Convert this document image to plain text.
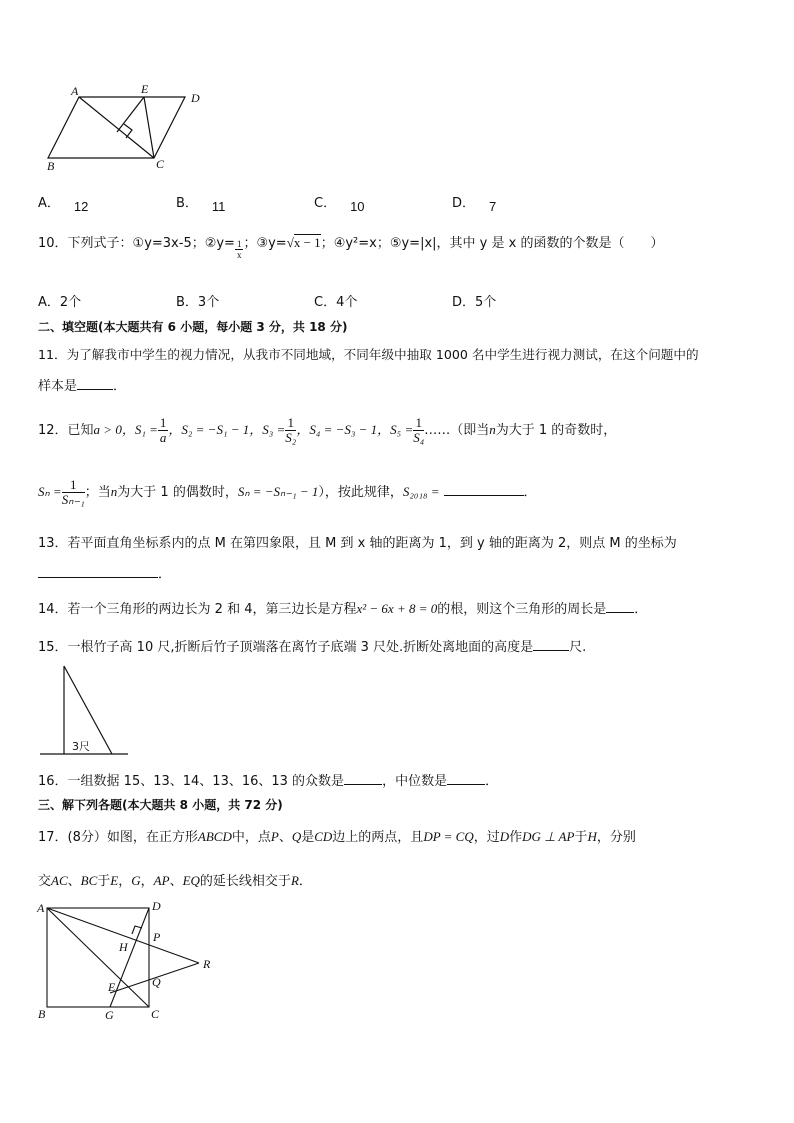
A	E
D
B	C
A． 12	B． 11	C． 10	D． 7
10．下列式子：①y=3x-5；②y= $\frac{1}{x}$ ；③y=√x − 1；④y²=x；⑤y=|x|，其中 y 是 x 的函数的个数是（　　）
A．2个	B．3个	C．4个	D．5个
二、填空题(本大题共有 6 小题，每小题 3 分，共 18 分)
11．为了解我市中学生的视力情况，从我市不同地域，不同年级中抽取 1000 名中学生进行视力测试，在这个问题中的
样本是	．
12．已知a > 0，$S_1 = \frac{1}{a}$ ，S₂ = −S₁ − 1，$S_3 = \frac{1}{\text{S₂}}$ ，S₄ = −S₃ − 1，$S_5 = \frac{1}{\text{S₄}}$ ……（即当n为大于 1 的奇数时，
$S_n = \frac{1}{\text{Sₙ₋₁}}$ ；当n为大于 1 的偶数时，Sₙ = −Sₙ₋₁ − 1），按此规律，S₂₀₁₈ =	．
13．若平面直角坐标系内的点 M 在第四象限，且 M 到 x 轴的距离为 1，到 y 轴的距离为 2，则点 M 的坐标为
．
14．若一个三角形的两边长为 2 和 4，第三边长是方程x² − 6x + 8 = 0的根，则这个三角形的周长是 ．
15．一根竹子高 10 尺,折断后竹子顶端落在离竹子底端 3 尺处.折断处离地面的高度是	尺.
3尺
16．一组数据 15、13、14、13、16、13 的众数是	，中位数是	．
三、解下列各题(本大题共 8 小题，共 72 分)
17．(8分）如图，在正方形ABCD中，点P、Q是CD边上的两点，且DP = CQ，过D作DG ⊥ AP于H，分别
交AC、BC于E，G，AP、EQ的延长线相交于R．
A	D
H
P
R
E	Q
B	G	C
